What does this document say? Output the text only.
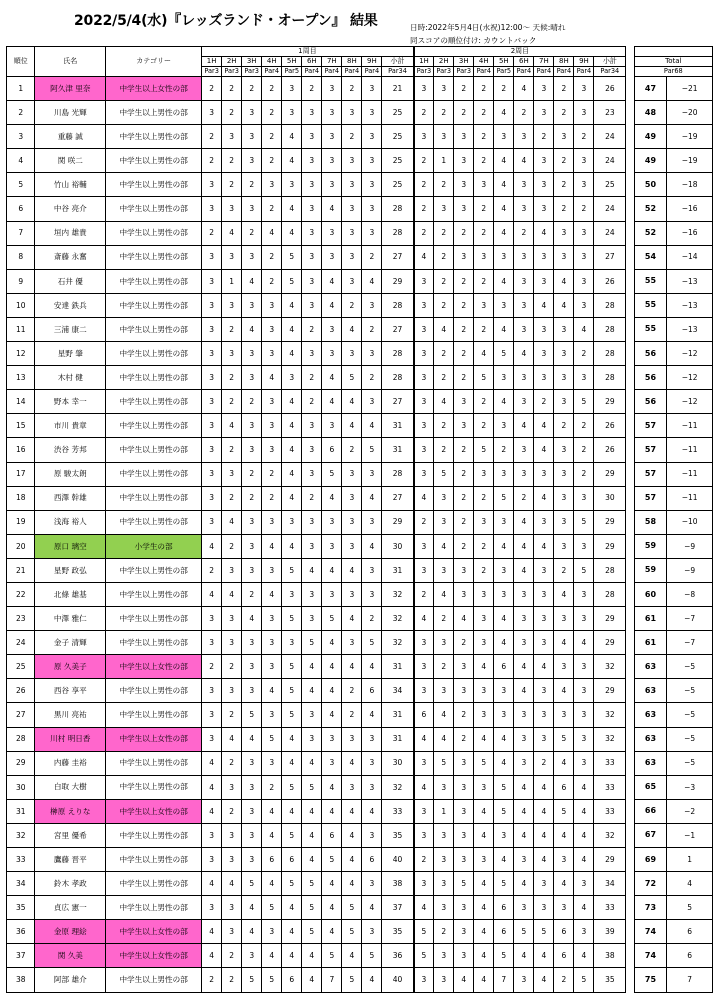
2022/5/4(水)『レッズランド・オープン』 結果	日時:2022年5月4日(水祝)12:00～ 天候:晴れ
同スコアの順位付け: カウントバック
順位	氏名	カテゴリー	1周目										2周目												
			1H	2H	3H	4H	5H	6H	7H	8H	9H	小計	1H	2H	3H	4H	5H	6H	7H	8H	9H	小計		Total	
			Par3	Par3	Par3	Par4	Par5	Par4	Par4	Par4	Par4	Par34	Par3	Par3	Par3	Par4	Par5	Par4	Par4	Par4	Par4	Par34		Par68	
1	阿久津 里奈	中学生以上女性の部	2	2	2	2	3	2	3	2	3	21	3	3	2	2	2	4	3	2	3	26		47	−21
2	川島 光輝	中学生以上男性の部	3	2	3	2	3	3	3	3	3	25	2	2	2	2	4	2	3	2	3	23		48	−20
3	重藤 誠	中学生以上男性の部	2	3	3	2	4	3	3	2	3	25	3	3	3	2	3	3	2	3	2	24		49	−19
4	関 咲二	中学生以上男性の部	2	2	3	2	4	3	3	3	3	25	2	1	3	2	4	4	3	2	3	24		49	−19
5	竹山 裕輔	中学生以上男性の部	3	2	2	3	3	3	3	3	3	25	2	2	3	3	4	3	3	2	3	25		50	−18
6	中谷 亮介	中学生以上男性の部	3	3	3	2	4	3	4	3	3	28	2	3	3	2	4	3	3	2	2	24		52	−16
7	垣内 雄貴	中学生以上男性の部	2	4	2	4	4	3	3	3	3	28	2	2	2	2	4	2	4	3	3	24		52	−16
8	斎藤 永奮	中学生以上男性の部	3	3	3	2	5	3	3	3	2	27	4	2	3	3	3	3	3	3	3	27		54	−14
9	石井 優	中学生以上男性の部	3	1	4	2	5	3	4	3	4	29	3	2	2	2	4	3	3	4	3	26		55	−13
10	安達 鉄兵	中学生以上男性の部	3	3	3	3	4	3	4	2	3	28	3	2	2	3	3	3	4	4	3	28		55	−13
11	三浦 康二	中学生以上男性の部	3	2	4	3	4	2	3	4	2	27	3	4	2	2	4	3	3	3	4	28		55	−13
12	星野 肇	中学生以上男性の部	3	3	3	3	4	3	3	3	3	28	3	2	2	4	5	4	3	3	2	28		56	−12
13	木村 健	中学生以上男性の部	3	2	3	4	3	2	4	5	2	28	3	2	2	5	3	3	3	3	3	28		56	−12
14	野本 幸一	中学生以上男性の部	3	2	2	3	4	2	4	4	3	27	3	4	3	2	4	3	2	3	5	29		56	−12
15	市川 貴章	中学生以上男性の部	3	4	3	3	4	3	3	4	4	31	3	2	3	2	3	4	4	2	2	26		57	−11
16	渋谷 芳邦	中学生以上男性の部	3	2	3	3	4	3	6	2	5	31	3	2	2	5	2	3	4	3	2	26		57	−11
17	原 駿太朗	中学生以上男性の部	3	3	2	2	4	3	5	3	3	28	3	5	2	3	3	3	3	3	2	29		57	−11
18	西澤 幹雄	中学生以上男性の部	3	2	2	2	4	2	4	3	4	27	4	3	2	2	5	2	4	3	3	30		57	−11
19	浅海 裕人	中学生以上男性の部	3	4	3	3	3	3	3	3	3	29	2	3	2	3	3	4	3	3	5	29		58	−10
20	原口 璃空	小学生の部	4	2	3	4	4	3	3	3	4	30	3	4	2	2	4	4	4	3	3	29		59	−9
21	星野 政弘	中学生以上男性の部	2	3	3	3	5	4	4	4	3	31	3	3	3	2	3	4	3	2	5	28		59	−9
22	北條 雄基	中学生以上男性の部	4	4	2	4	3	3	3	3	3	32	2	4	3	3	3	3	3	4	3	28		60	−8
23	中澤 雅仁	中学生以上男性の部	3	3	4	3	5	3	5	4	2	32	4	2	4	3	4	3	3	3	3	29		61	−7
24	金子 清輝	中学生以上男性の部	3	3	3	3	3	5	4	3	5	32	3	3	2	3	4	3	3	4	4	29		61	−7
25	原 久美子	中学生以上女性の部	2	2	3	3	5	4	4	4	4	31	3	2	3	4	6	4	4	3	3	32		63	−5
26	西谷 享平	中学生以上男性の部	3	3	3	4	5	4	4	2	6	34	3	3	3	3	3	4	3	4	3	29		63	−5
27	黒川 亮祐	中学生以上男性の部	3	2	5	3	5	3	4	2	4	31	6	4	2	3	3	3	3	3	3	32		63	−5
28	川村 明日香	中学生以上女性の部	3	4	4	5	4	3	3	3	3	31	4	4	2	4	4	3	3	5	3	32		63	−5
29	内藤 圭裕	中学生以上男性の部	4	2	3	3	4	4	3	4	3	30	3	5	3	5	4	3	2	4	3	33		63	−5
30	白取 大樹	中学生以上男性の部	4	3	3	2	5	5	4	3	3	32	4	3	3	3	5	4	4	6	4	33		65	−3
31	榊原 えりな	中学生以上女性の部	4	2	3	4	4	4	4	4	4	33	3	1	3	4	5	4	4	5	4	33		66	−2
32	宮里 優希	中学生以上男性の部	3	3	3	4	5	4	6	4	3	35	3	3	3	4	3	4	4	4	4	32		67	−1
33	鷹藤 晋平	中学生以上男性の部	3	3	3	6	6	4	5	4	6	40	2	3	3	3	4	3	4	3	4	29		69	1
34	鈴木 孝政	中学生以上男性の部	4	4	5	4	5	5	4	4	3	38	3	3	5	4	5	4	3	4	3	34		72	4
35	貞広 憲一	中学生以上男性の部	3	3	4	5	4	5	4	5	4	37	4	3	3	4	6	3	3	3	4	33		73	5
36	金原 理絵	中学生以上女性の部	4	3	4	3	4	5	4	5	3	35	5	2	3	4	6	5	5	6	3	39		74	6
37	関 久美	中学生以上女性の部	4	2	3	4	4	4	5	4	5	36	5	3	3	4	5	4	4	6	4	38		74	6
38	阿部 雄介	中学生以上男性の部	2	2	5	5	6	4	7	5	4	40	3	3	4	4	7	3	4	2	5	35		75	7
